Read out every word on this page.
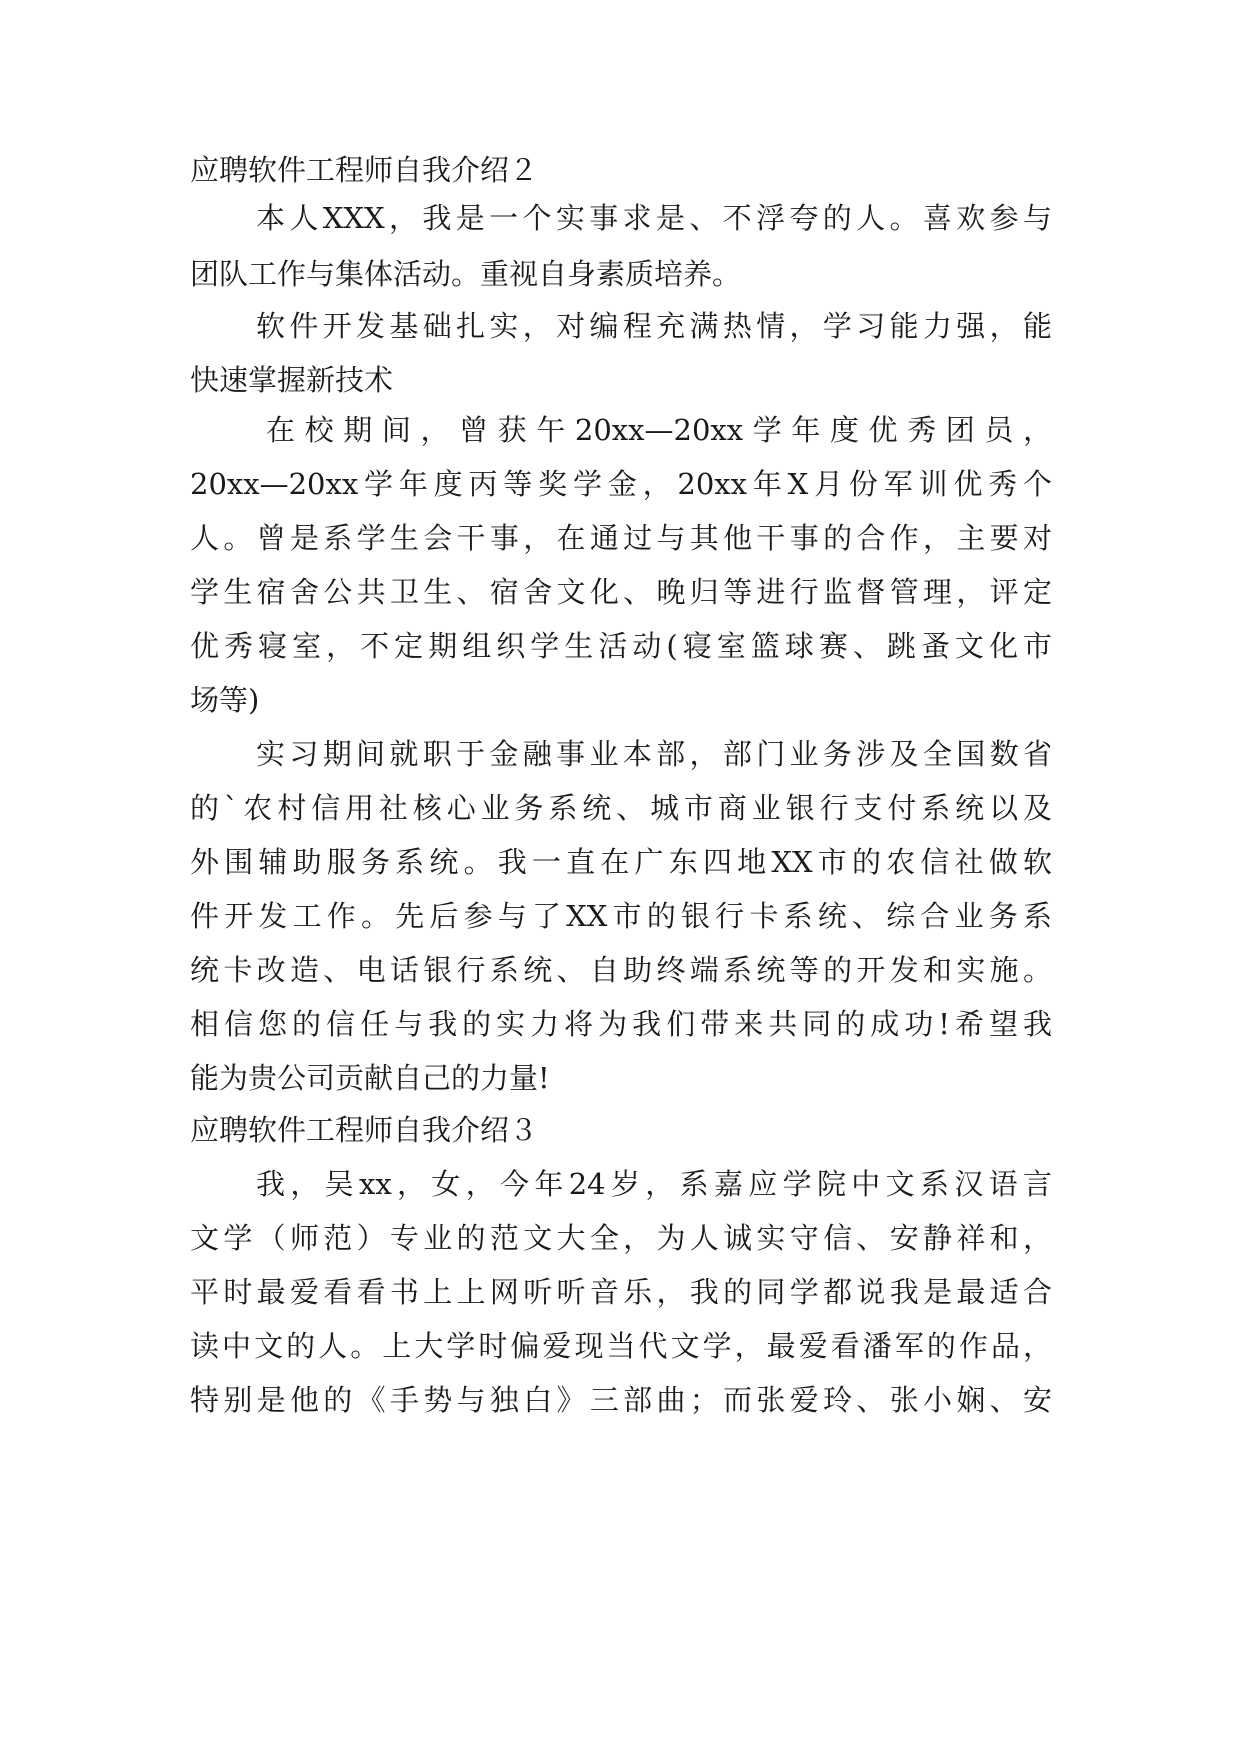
应聘软件工程师自我介绍２
本人XXX，我是一个实事求是、不浮夸的人。喜欢参与
团队工作与集体活动。重视自身素质培养。
软件开发基础扎实，对编程充满热情，学习能力强，能
快速掌握新技术
在校期间，曾获午20xx—20xx学年度优秀团员，
20xx—20xx学年度丙等奖学金，20xx年X月份军训优秀个
人。曾是系学生会干事，在通过与其他干事的合作，主要对
学生宿舍公共卫生、宿舍文化、晚归等进行监督管理，评定
优秀寝室，不定期组织学生活动(寝室篮球赛、跳蚤文化市
场等)
实习期间就职于金融事业本部，部门业务涉及全国数省
的`农村信用社核心业务系统、城市商业银行支付系统以及
外围辅助服务系统。我一直在广东四地XX市的农信社做软
件开发工作。先后参与了XX市的银行卡系统、综合业务系
统卡改造、电话银行系统、自助终端系统等的开发和实施。
相信您的信任与我的实力将为我们带来共同的成功!希望我
能为贵公司贡献自己的力量!
应聘软件工程师自我介绍３
我，吴xx，女，今年24岁，系嘉应学院中文系汉语言
文学（师范）专业的范文大全，为人诚实守信、安静祥和，
平时最爱看看书上上网听听音乐，我的同学都说我是最适合
读中文的人。上大学时偏爱现当代文学，最爱看潘军的作品，
特别是他的《手势与独白》三部曲；而张爱玲、张小娴、安
